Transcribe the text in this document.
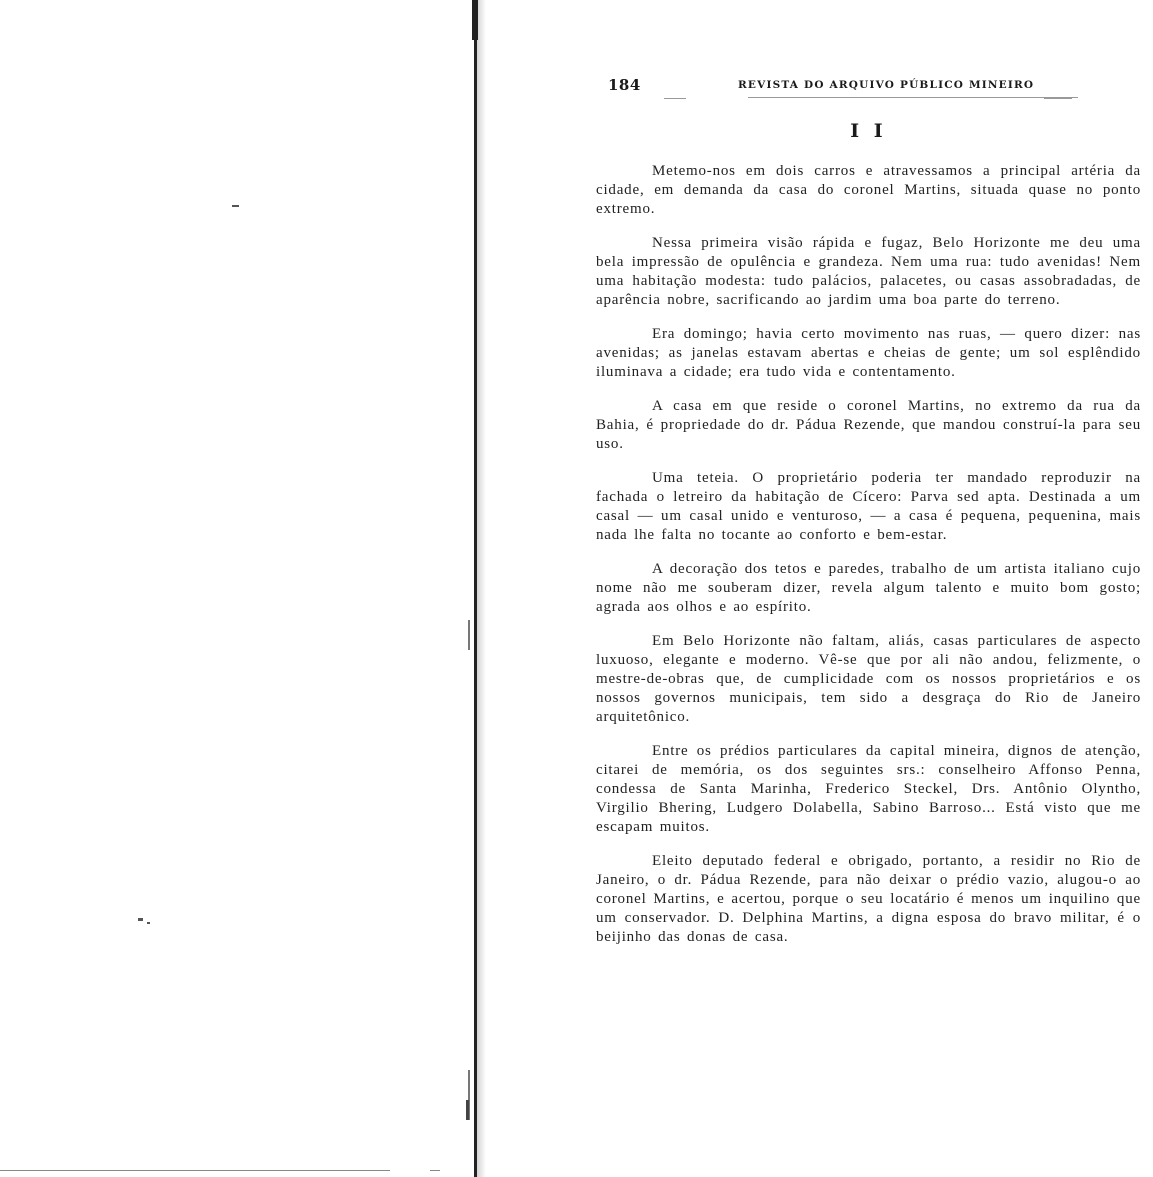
184	REVISTA DO ARQUIVO PÚBLICO MINEIRO
I I

Metemo-nos em dois carros e atravessamos a principal artéria da cidade, em demanda da casa do coronel Martins, situada quase no ponto extremo.

Nessa primeira visão rápida e fugaz, Belo Horizonte me deu uma bela impressão de opulência e grandeza. Nem uma rua: tudo avenidas! Nem uma habitação modesta: tudo palácios, palacetes, ou casas assobradadas, de aparência nobre, sacrificando ao jardim uma boa parte do terreno.

Era domingo; havia certo movimento nas ruas, — quero dizer: nas avenidas; as janelas estavam abertas e cheias de gente; um sol esplêndido iluminava a cidade; era tudo vida e contentamento.

A casa em que reside o coronel Martins, no extremo da rua da Bahia, é propriedade do dr. Pádua Rezende, que mandou construí-la para seu uso.

Uma teteia. O proprietário poderia ter mandado reproduzir na fachada o letreiro da habitação de Cícero: Parva sed apta. Destinada a um casal — um casal unido e venturoso, — a casa é pequena, pequenina, mais nada lhe falta no tocante ao conforto e bem-estar.

A decoração dos tetos e paredes, trabalho de um artista italiano cujo nome não me souberam dizer, revela algum talento e muito bom gosto; agrada aos olhos e ao espírito.

Em Belo Horizonte não faltam, aliás, casas particulares de aspecto luxuoso, elegante e moderno. Vê-se que por ali não andou, felizmente, o mestre-de-obras que, de cumplicidade com os nossos proprietários e os nossos governos municipais, tem sido a desgraça do Rio de Janeiro arquitetônico.

Entre os prédios particulares da capital mineira, dignos de atenção, citarei de memória, os dos seguintes srs.: conselheiro Affonso Penna, condessa de Santa Marinha, Frederico Steckel, Drs. Antônio Olyntho, Virgilio Bhering, Ludgero Dolabella, Sabino Barroso... Está visto que me escapam muitos.

Eleito deputado federal e obrigado, portanto, a residir no Rio de Janeiro, o dr. Pádua Rezende, para não deixar o prédio vazio, alugou-o ao coronel Martins, e acertou, porque o seu locatário é menos um inquilino que um conservador. D. Delphina Martins, a digna esposa do bravo militar, é o beijinho das donas de casa.
